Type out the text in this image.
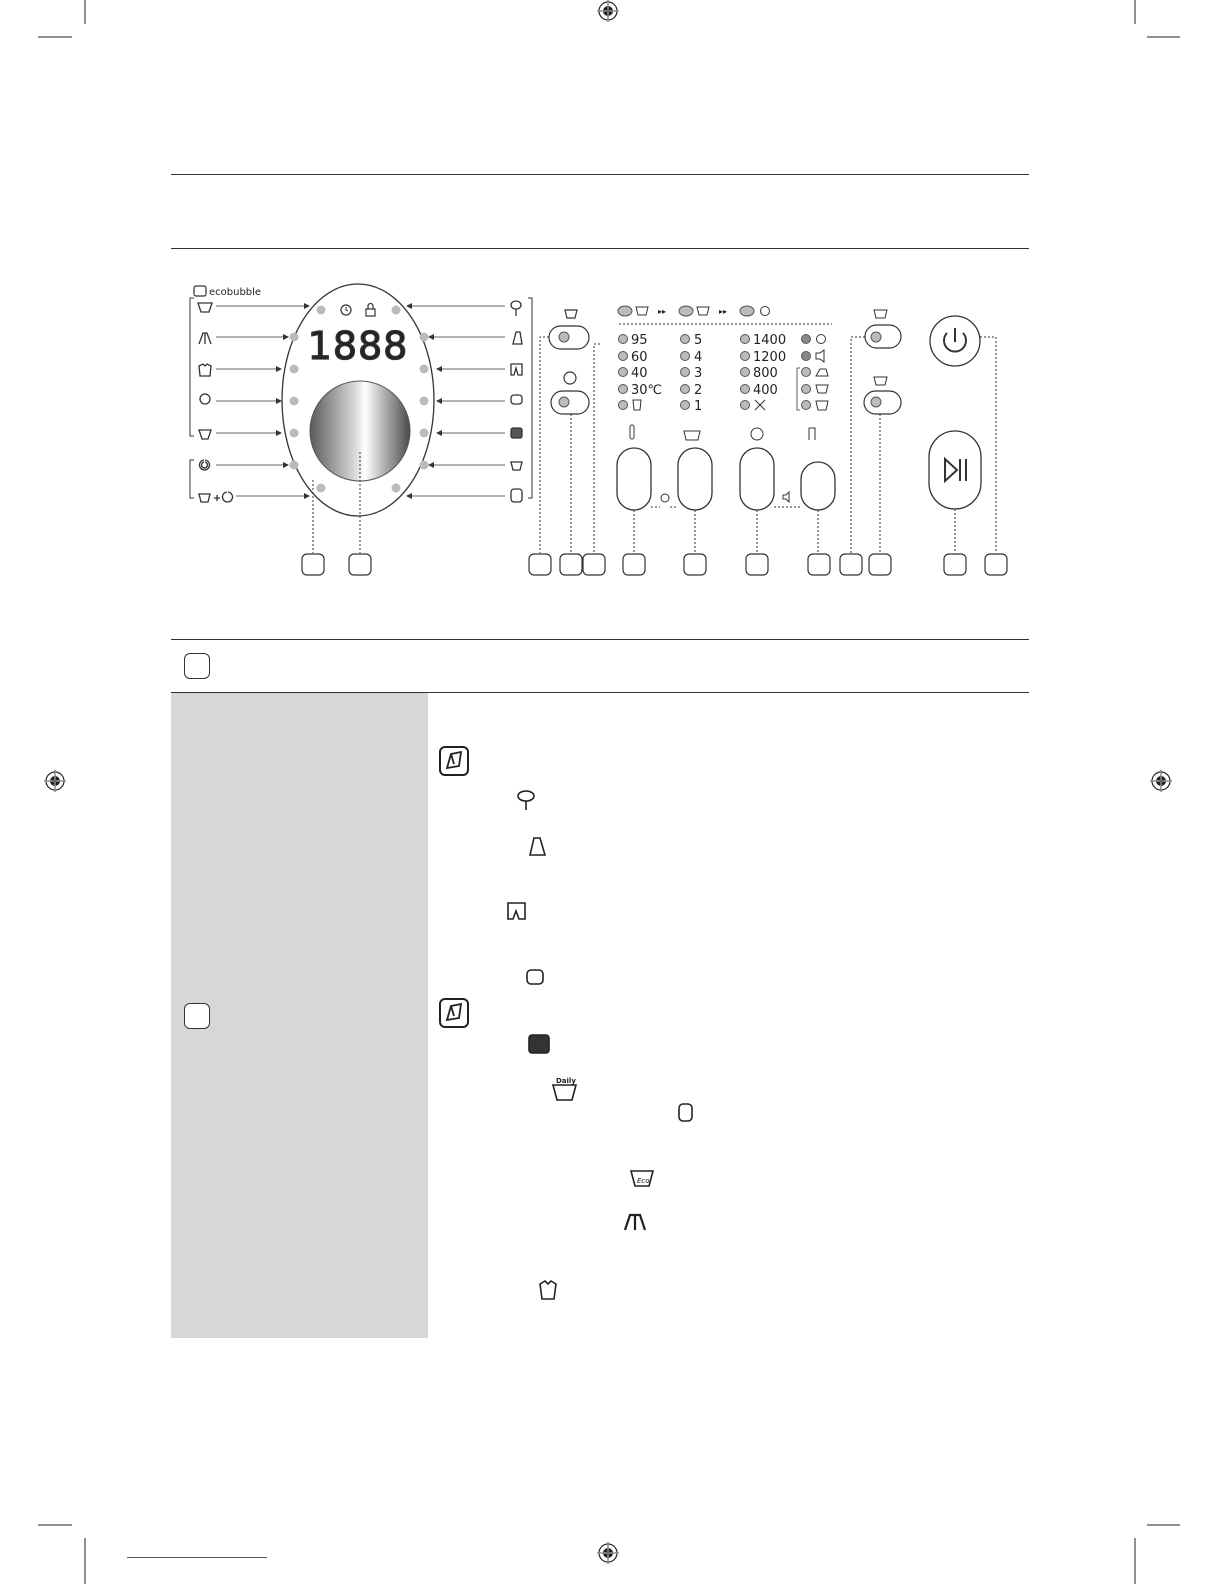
ecobubble
1888
▸▸	▸▸
95
60
40
30℃
5
4
3
2
1
1400
1200
800
400
Daily
Eco
